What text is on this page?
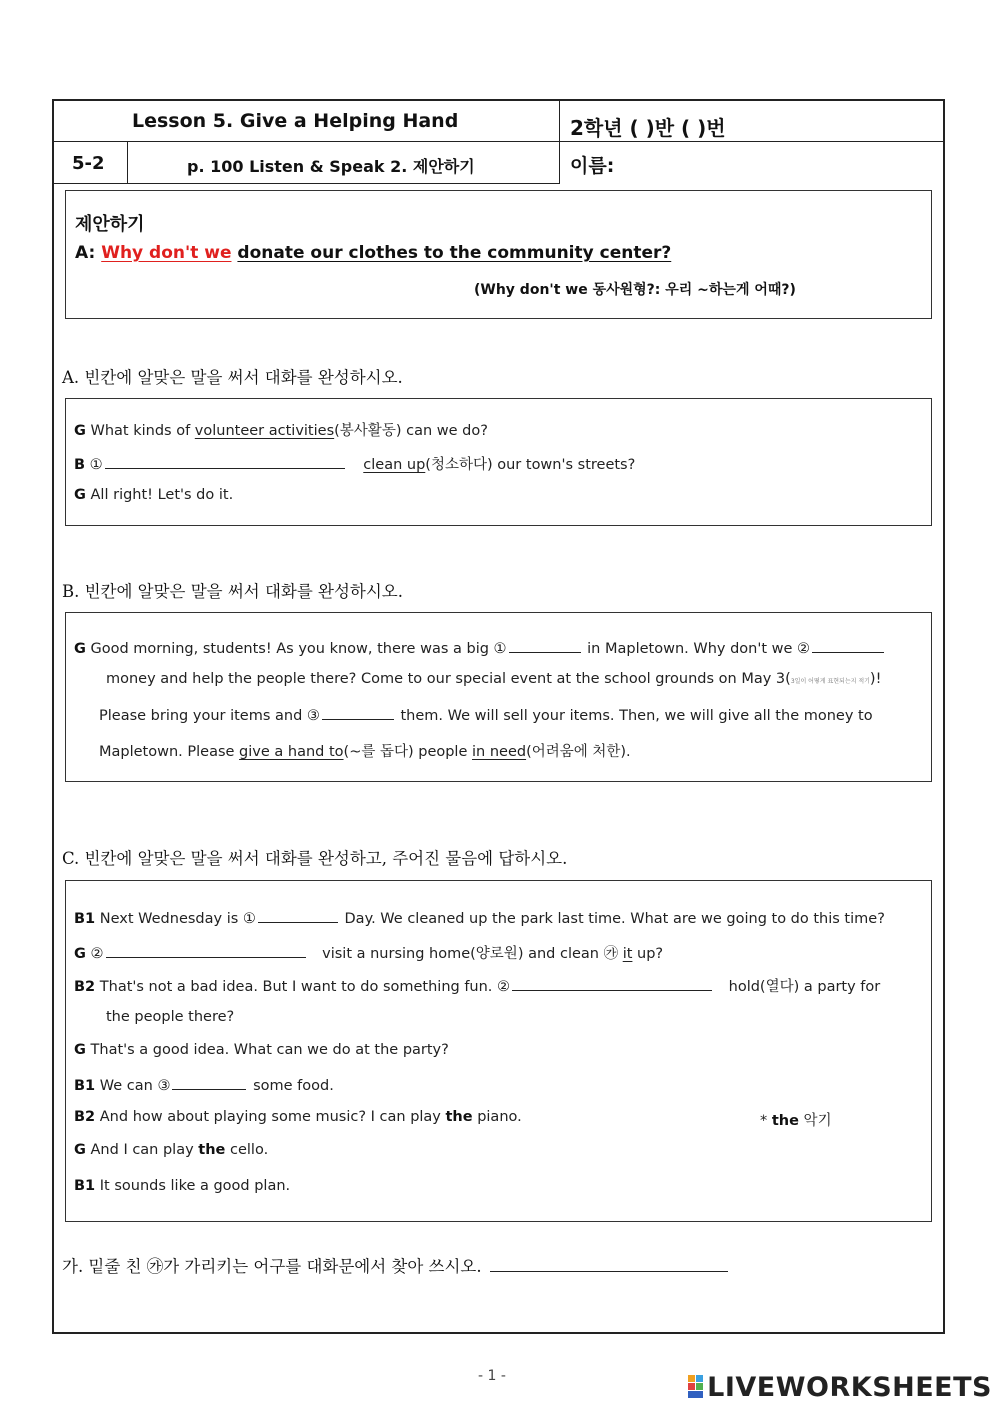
Lesson 5. Give a Helping Hand	2학년 ( )반 ( )번
5-2	p. 100 Listen & Speak 2. 제안하기	이름:
제안하기
A: Why don't we donate our clothes to the community center?
(Why don't we 동사원형?: 우리 ~하는게 어때?)
A. 빈칸에 알맞은 말을 써서 대화를 완성하시오.
G What kinds of volunteer activities(봉사활동) can we do?
B ①	clean up(청소하다) our town's streets?
G All right! Let's do it.
B. 빈칸에 알맞은 말을 써서 대화를 완성하시오.
G Good morning, students! As you know, there was a big ①	in Mapletown. Why don't we ②
money and help the people there? Come to our special event at the school grounds on May 3(3일이 어떻게 표현되는지 적기)!
Please bring your items and ③	them. We will sell your items. Then, we will give all the money to
Mapletown. Please give a hand to(~를 돕다) people in need(어려움에 처한).
C. 빈칸에 알맞은 말을 써서 대화를 완성하고, 주어진 물음에 답하시오.
B1 Next Wednesday is ①	Day. We cleaned up the park last time. What are we going to do this time?
G ②	visit a nursing home(양로원) and clean ㉮ it up?
B2 That's not a bad idea. But I want to do something fun. ②	hold(열다) a party for
the people there?
G That's a good idea. What can we do at the party?
B1 We can ③	some food.
B2 And how about playing some music? I can play the piano.	* the 악기
G And I can play the cello.
B1 It sounds like a good plan.
가. 밑줄 친 ㉮가 가리키는 어구를 대화문에서 찾아 쓰시오.
- 1 -	LIVEWORKSHEETS
